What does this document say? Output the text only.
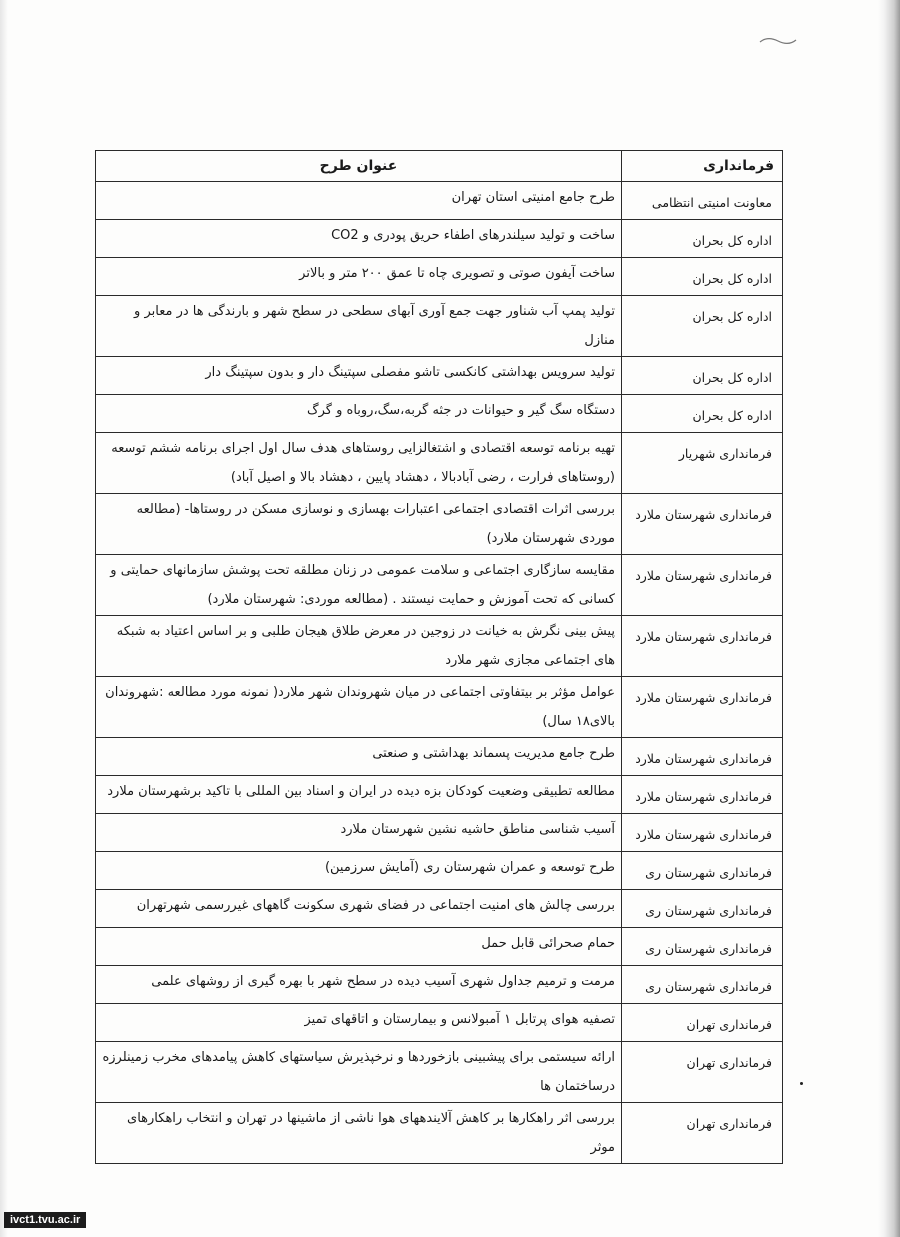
فرمانداری	عنوان طرح
معاونت امنیتی انتظامی	طرح جامع امنیتی استان تهران
اداره کل بحران	ساخت و تولید سیلندرهای اطفاء حریق پودری و CO2
اداره کل بحران	ساخت آیفون صوتی و تصویری چاه تا عمق ۲۰۰ متر و بالاتر
اداره کل بحران	تولید پمپ آب شناور جهت جمع آوری آبهای سطحی در سطح شهر و بارندگی ها در معابر و منازل
اداره کل بحران	تولید سرویس بهداشتی کانکسی تاشو مفصلی سپتینگ دار و بدون سپتینگ دار
اداره کل بحران	دستگاه سگ گیر و حیوانات در جثه گربه،سگ،روباه و گرگ
فرمانداری شهریار	تهیه برنامه توسعه اقتصادی و اشتغالزایی روستاهای هدف سال اول اجرای برنامه ششم توسعه (روستاهای فرارت ، رضی آبادبالا ، دهشاد پایین ، دهشاد بالا و اصیل آباد)
فرمانداری شهرستان ملارد	بررسی اثرات اقتصادی اجتماعی اعتبارات بهسازی و نوسازی مسکن در روستاها- (مطالعه موردی شهرستان ملارد)
فرمانداری شهرستان ملارد	مقایسه سازگاری اجتماعی و سلامت عمومی در زنان مطلقه تحت پوشش سازمانهای حمایتی و کسانی که تحت آموزش و حمایت نیستند . (مطالعه موردی: شهرستان ملارد)
فرمانداری شهرستان ملارد	پیش بینی نگرش به خیانت در زوجین در معرض طلاق هیجان طلبی و بر اساس اعتیاد به شبکه های اجتماعی مجازی شهر ملارد
فرمانداری شهرستان ملارد	عوامل مؤثر بر بیتفاوتی اجتماعی در میان شهروندان شهر ملارد( نمونه مورد مطالعه :شهروندان بالای۱۸ سال)
فرمانداری شهرستان ملارد	طرح جامع مدیریت پسماند بهداشتی و صنعتی
فرمانداری شهرستان ملارد	مطالعه تطبیقی وضعیت کودکان بزه دیده در ایران و اسناد بین المللی با تاکید برشهرستان ملارد
فرمانداری شهرستان ملارد	آسیب شناسی مناطق حاشیه نشین شهرستان ملارد
فرمانداری شهرستان ری	طرح توسعه و عمران شهرستان ری (آمایش سرزمین)
فرمانداری شهرستان ری	بررسی چالش های امنیت اجتماعی در فضای شهری سکونت گاههای غیررسمی شهرتهران
فرمانداری شهرستان ری	حمام صحرائی قابل حمل
فرمانداری شهرستان ری	مرمت و ترمیم جداول شهری آسیب دیده در سطح شهر با بهره گیری از روشهای علمی
فرمانداری تهران	تصفیه هوای پرتابل ۱ آمبولانس و بیمارستان و اتاقهای تمیز
فرمانداری تهران	ارائه سیستمی برای پیشبینی بازخوردها و نرخپذیرش سیاستهای کاهش پیامدهای مخرب زمینلرزه درساختمان ها
فرمانداری تهران	بررسی اثر راهکارها بر کاهش آلایندههای هوا ناشی از ماشینها در تهران و انتخاب راهکارهای موثر
ivct1.tvu.ac.ir
